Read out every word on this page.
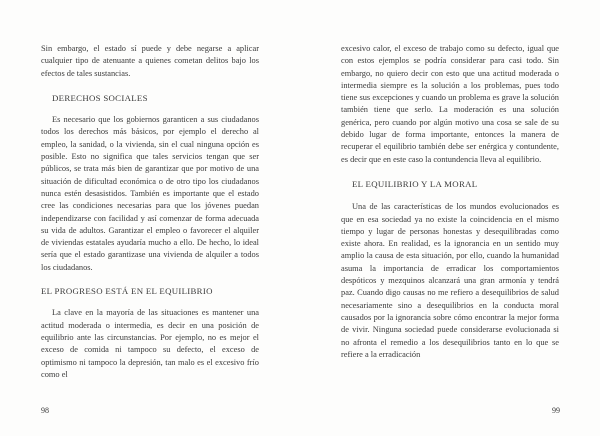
Sin embargo, el estado sí puede y debe negarse a aplicar cualquier tipo de atenuante a quienes cometan delitos bajo los efectos de tales sustancias.

DERECHOS SOCIALES

Es necesario que los gobiernos garanticen a sus ciudadanos todos los derechos más básicos, por ejemplo el derecho al empleo, la sanidad, o la vivienda, sin el cual ninguna opción es posible. Esto no significa que tales servicios tengan que ser públicos, se trata más bien de garantizar que por motivo de una situación de dificultad económica o de otro tipo los ciudadanos nunca estén desasistidos. También es importante que el estado cree las condiciones necesarias para que los jóvenes puedan independizarse con facilidad y así comenzar de forma adecuada su vida de adultos. Garantizar el empleo o favorecer el alquiler de viviendas estatales ayudaría mucho a ello. De hecho, lo ideal sería que el estado garantizase una vivienda de alquiler a todos los ciudadanos.

EL PROGRESO ESTÁ EN EL EQUILIBRIO

La clave en la mayoría de las situaciones es mantener una actitud moderada o intermedia, es decir en una posición de equilibrio ante las circunstancias. Por ejemplo, no es mejor el exceso de comida ni tampoco su defecto, el exceso de optimismo ni tampoco la depresión, tan malo es el excesivo frío como el

excesivo calor, el exceso de trabajo como su defecto, igual que con estos ejemplos se podría considerar para casi todo. Sin embargo, no quiero decir con esto que una actitud moderada o intermedia siempre es la solución a los problemas, pues todo tiene sus excepciones y cuando un problema es grave la solución también tiene que serlo. La moderación es una solución genérica, pero cuando por algún motivo una cosa se sale de su debido lugar de forma importante, entonces la manera de recuperar el equilibrio también debe ser enérgica y contundente, es decir que en este caso la contundencia lleva al equilibrio.

EL EQUILIBRIO Y LA MORAL

Una de las características de los mundos evolucionados es que en esa sociedad ya no existe la coincidencia en el mismo tiempo y lugar de personas honestas y desequilibradas como existe ahora. En realidad, es la ignorancia en un sentido muy amplio la causa de esta situación, por ello, cuando la humanidad asuma la importancia de erradicar los comportamientos despóticos y mezquinos alcanzará una gran armonía y tendrá paz. Cuando digo causas no me refiero a desequilibrios de salud necesariamente sino a desequilibrios en la conducta moral causados por la ignorancia sobre cómo encontrar la mejor forma de vivir. Ninguna sociedad puede considerarse evolucionada si no afronta el remedio a los desequilibrios tanto en lo que se refiere a la erradicación

98	99
